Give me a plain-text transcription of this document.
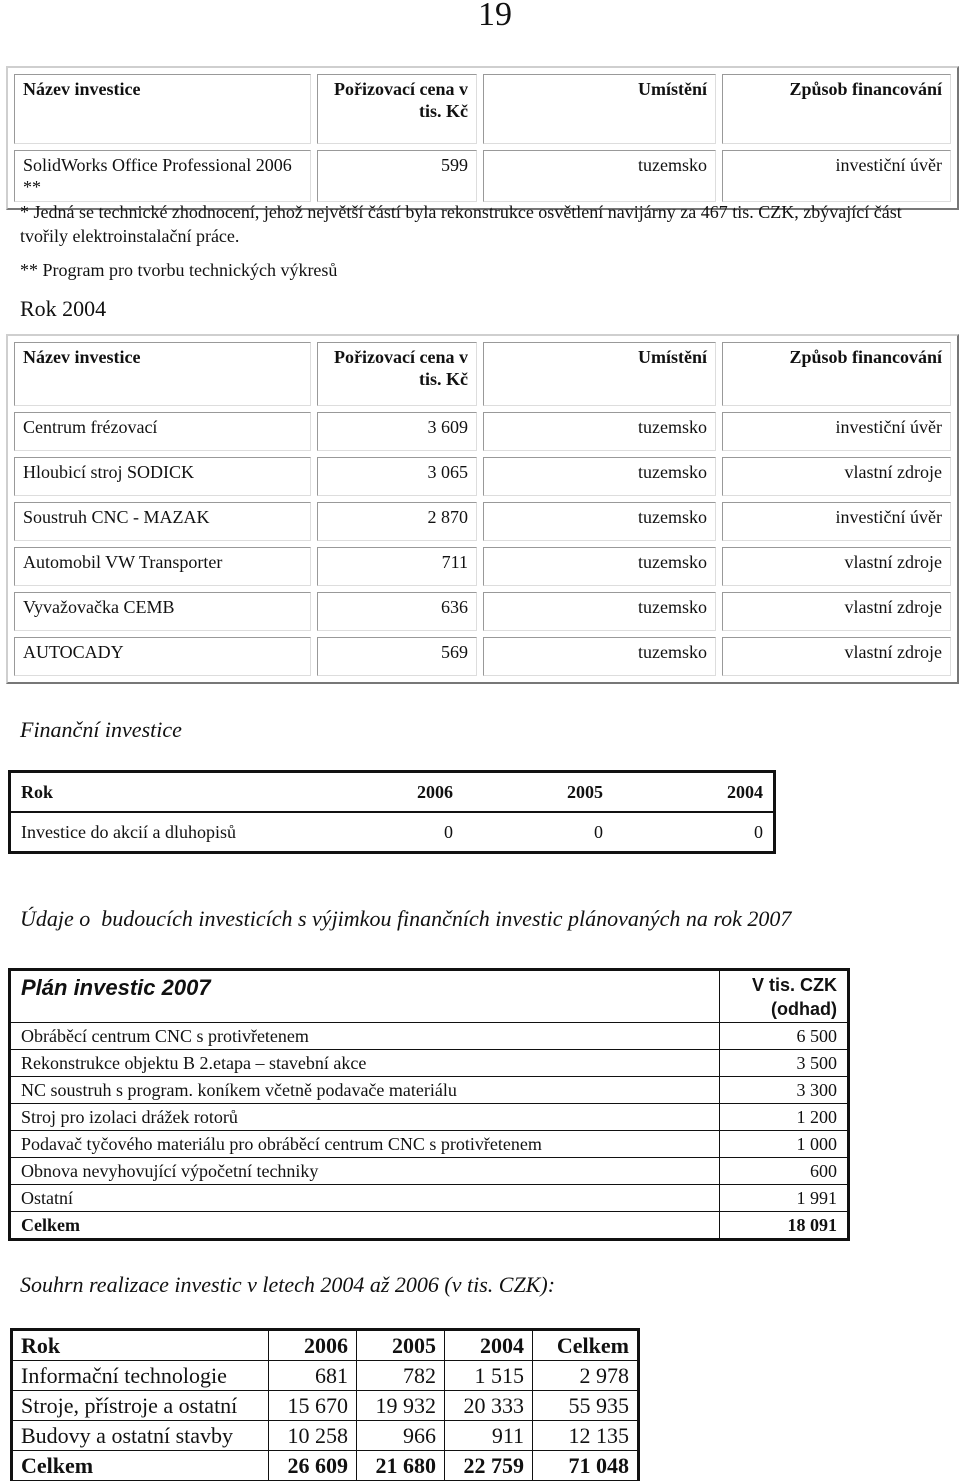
19
Název investice	Pořizovací cena v tis. Kč	Umístění	Způsob financování
SolidWorks Office Professional 2006 **	599	tuzemsko	investiční úvěr
* Jedná se technické zhodnocení, jehož největší částí byla rekonstrukce osvětlení navijárny za 467 tis. CZK, zbývající část tvořily elektroinstalační práce.
** Program pro tvorbu technických výkresů
Rok 2004
Název investice	Pořizovací cena v tis. Kč	Umístění	Způsob financování
Centrum frézovací	3 609	tuzemsko	investiční úvěr
Hloubicí stroj SODICK	3 065	tuzemsko	vlastní zdroje
Soustruh CNC - MAZAK	2 870	tuzemsko	investiční úvěr
Automobil VW Transporter	711	tuzemsko	vlastní zdroje
Vyvažovačka CEMB	636	tuzemsko	vlastní zdroje
AUTOCADY	569	tuzemsko	vlastní zdroje
Finanční investice
Rok	2006	2005	2004
Investice do akcií a dluhopisů	0	0	0
Údaje o  budoucích investicích s výjimkou finančních investic plánovaných na rok 2007
Plán investic 2007	V tis. CZK (odhad)
Obráběcí centrum CNC s protivřetenem	6 500
Rekonstrukce objektu B 2.etapa – stavební akce	3 500
NC soustruh s program. koníkem včetně podavače materiálu	3 300
Stroj pro izolaci drážek rotorů	1 200
Podavač tyčového materiálu pro obráběcí centrum CNC s protivřetenem	1 000
Obnova nevyhovující výpočetní techniky	600
Ostatní	1 991
Celkem	18 091
Souhrn realizace investic v letech 2004 až 2006 (v tis. CZK):
Rok	2006	2005	2004	Celkem
Informační technologie	681	782	1 515	2 978
Stroje, přístroje a ostatní	15 670	19 932	20 333	55 935
Budovy a ostatní stavby	10 258	966	911	12 135
Celkem	26 609	21 680	22 759	71 048
